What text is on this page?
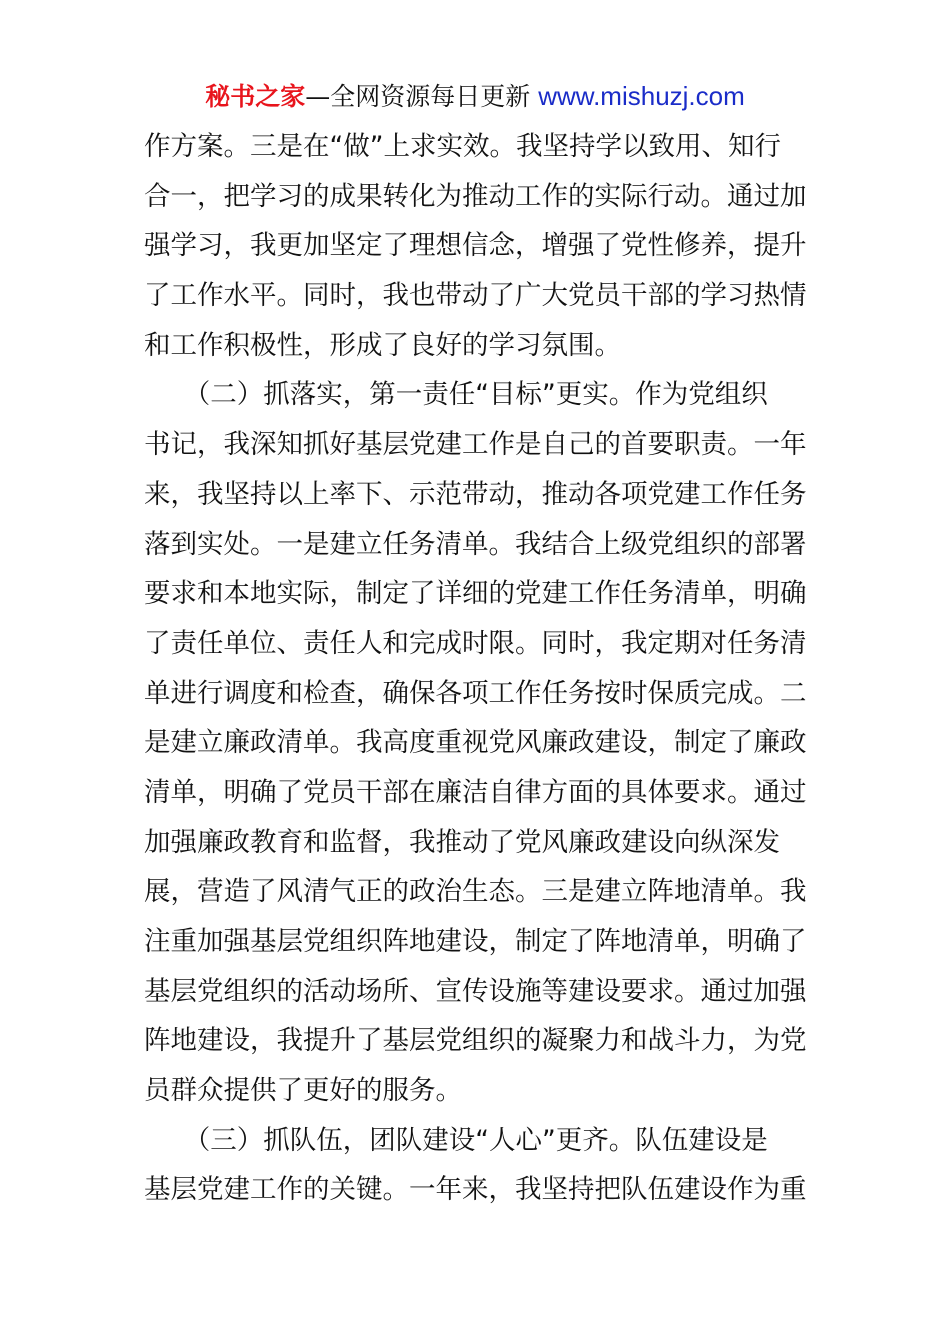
秘书之家—全网资源每日更新 www.mishuzj.com
作方案。三是在“做”上求实效。我坚持学以致用、知行
合一，把学习的成果转化为推动工作的实际行动。通过加
强学习，我更加坚定了理想信念，增强了党性修养，提升
了工作水平。同时，我也带动了广大党员干部的学习热情
和工作积极性，形成了良好的学习氛围。
　　（二）抓落实，第一责任“目标”更实。作为党组织
书记，我深知抓好基层党建工作是自己的首要职责。一年
来，我坚持以上率下、示范带动，推动各项党建工作任务
落到实处。一是建立任务清单。我结合上级党组织的部署
要求和本地实际，制定了详细的党建工作任务清单，明确
了责任单位、责任人和完成时限。同时，我定期对任务清
单进行调度和检查，确保各项工作任务按时保质完成。二
是建立廉政清单。我高度重视党风廉政建设，制定了廉政
清单，明确了党员干部在廉洁自律方面的具体要求。通过
加强廉政教育和监督，我推动了党风廉政建设向纵深发
展，营造了风清气正的政治生态。三是建立阵地清单。我
注重加强基层党组织阵地建设，制定了阵地清单，明确了
基层党组织的活动场所、宣传设施等建设要求。通过加强
阵地建设，我提升了基层党组织的凝聚力和战斗力，为党
员群众提供了更好的服务。
　　（三）抓队伍，团队建设“人心”更齐。队伍建设是
基层党建工作的关键。一年来，我坚持把队伍建设作为重
